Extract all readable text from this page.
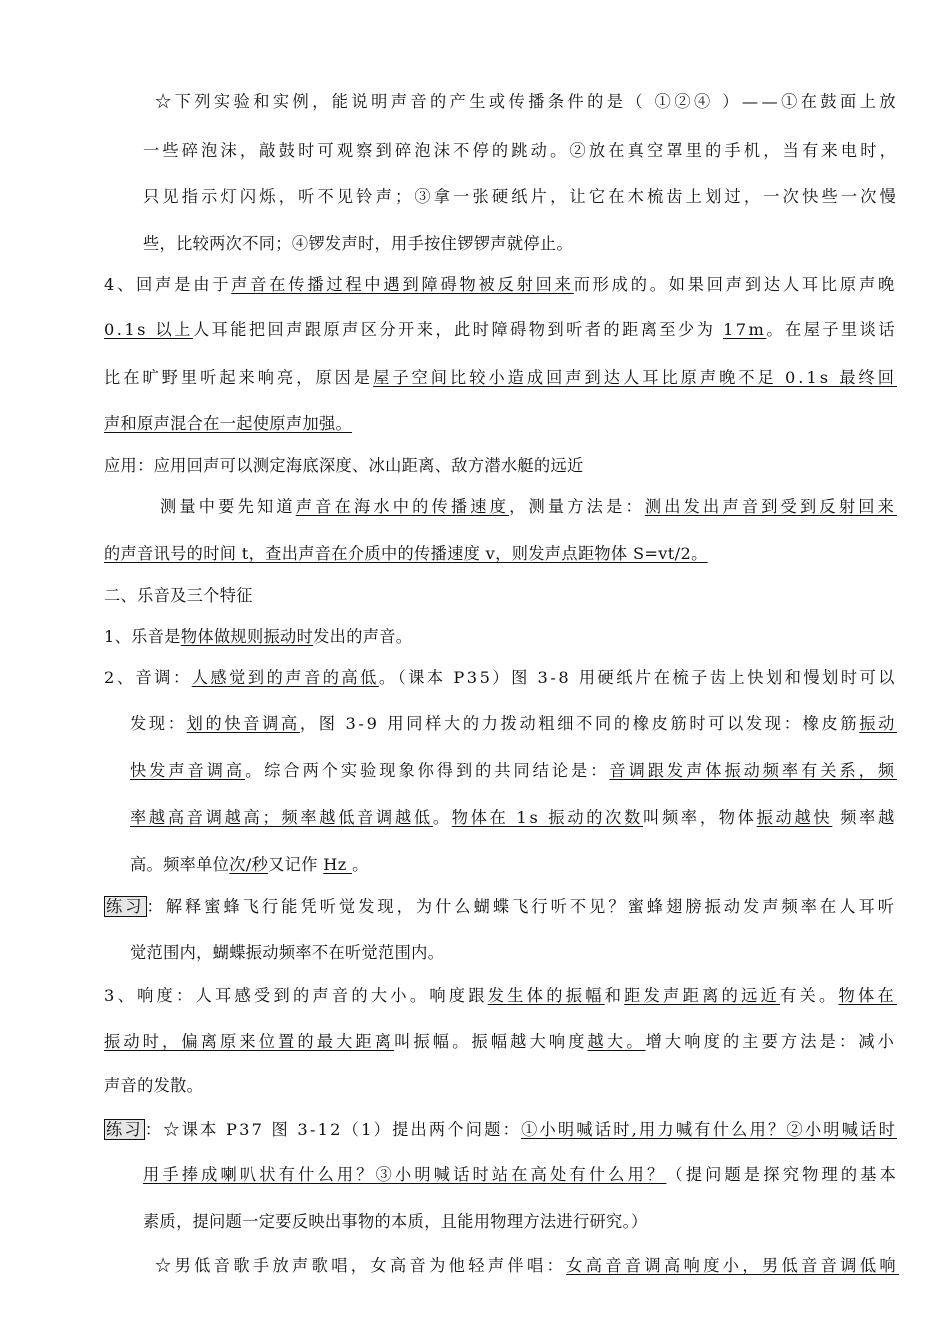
☆下列实验和实例，能说明声音的产生或传播条件的是（ ①②④ ）——①在鼓面上放
一些碎泡沫，敲鼓时可观察到碎泡沫不停的跳动。②放在真空罩里的手机，当有来电时，
只见指示灯闪烁，听不见铃声；③拿一张硬纸片，让它在木梳齿上划过，一次快些一次慢
些，比较两次不同；④锣发声时，用手按住锣锣声就停止。
4、回声是由于声音在传播过程中遇到障碍物被反射回来而形成的。如果回声到达人耳比原声晚
0.1s 以上人耳能把回声跟原声区分开来，此时障碍物到听者的距离至少为 17m。在屋子里谈话
比在旷野里听起来响亮，原因是屋子空间比较小造成回声到达人耳比原声晚不足 0.1s 最终回
声和原声混合在一起使原声加强。
应用：应用回声可以测定海底深度、冰山距离、敌方潜水艇的远近
测量中要先知道声音在海水中的传播速度，测量方法是：测出发出声音到受到反射回来
的声音讯号的时间 t，查出声音在介质中的传播速度 v，则发声点距物体 S=vt/2。
二、乐音及三个特征
1、乐音是物体做规则振动时发出的声音。
2、音调：人感觉到的声音的高低。（课本 P35）图 3-8 用硬纸片在梳子齿上快划和慢划时可以
发现：划的快音调高，图 3-9 用同样大的力拨动粗细不同的橡皮筋时可以发现：橡皮筋振动
快发声音调高。综合两个实验现象你得到的共同结论是：音调跟发声体振动频率有关系，频
率越高音调越高；频率越低音调越低。物体在 1s 振动的次数叫频率，物体振动越快 频率越
高。频率单位次/秒又记作 Hz 。
练习 ：解释蜜蜂飞行能凭听觉发现，为什么蝴蝶飞行听不见？蜜蜂翅膀振动发声频率在人耳听
觉范围内，蝴蝶振动频率不在听觉范围内。
3、响度：人耳感受到的声音的大小。响度跟发生体的振幅和距发声距离的远近有关。物体在
振动时，偏离原来位置的最大距离叫振幅。振幅越大响度越大。增大响度的主要方法是：减小
声音的发散。
练习 ：☆课本 P37 图 3-12（1）提出两个问题：①小明喊话时,用力喊有什么用？②小明喊话时
用手捧成喇叭状有什么用？③小明喊话时站在高处有什么用？（提问题是探究物理的基本
素质，提问题一定要反映出事物的本质，且能用物理方法进行研究。）
☆男低音歌手放声歌唱，女高音为他轻声伴唱：女高音音调高响度小，男低音音调低响
